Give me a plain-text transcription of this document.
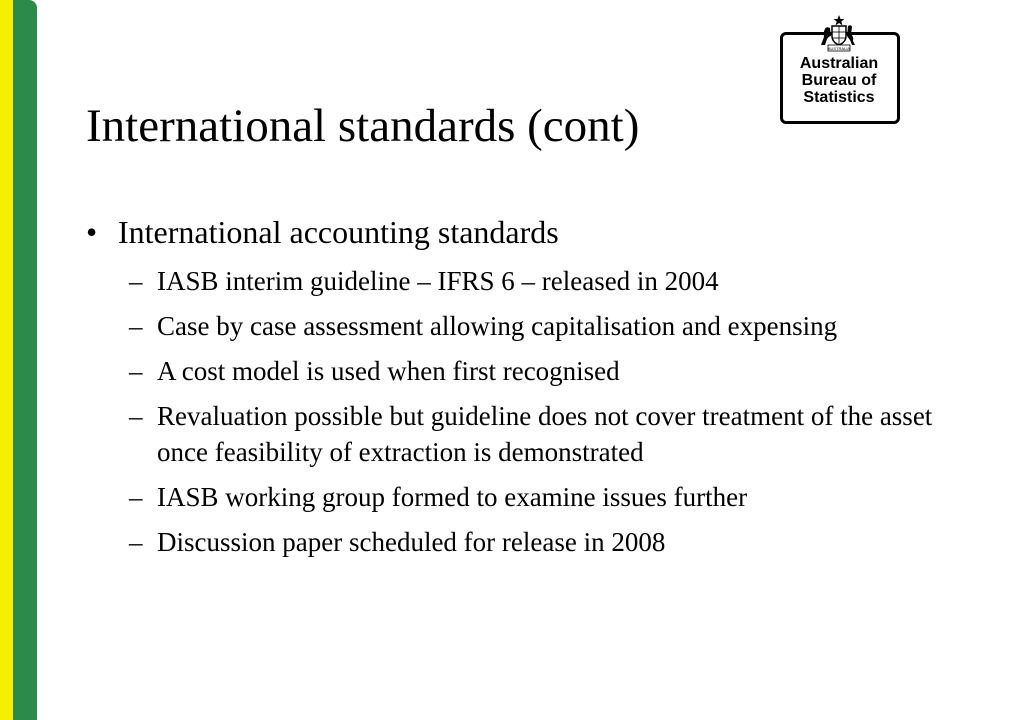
International standards (cont)
AUSTRALIA
Australian
Bureau of
Statistics
• International accounting standards
– IASB interim guideline – IFRS 6 – released in 2004
– Case by case assessment allowing capitalisation and expensing
– A cost model is used when first recognised
– Revaluation possible but guideline does not cover treatment of the asset once feasibility of extraction is demonstrated
– IASB working group formed to examine issues further
– Discussion paper scheduled for release in 2008
